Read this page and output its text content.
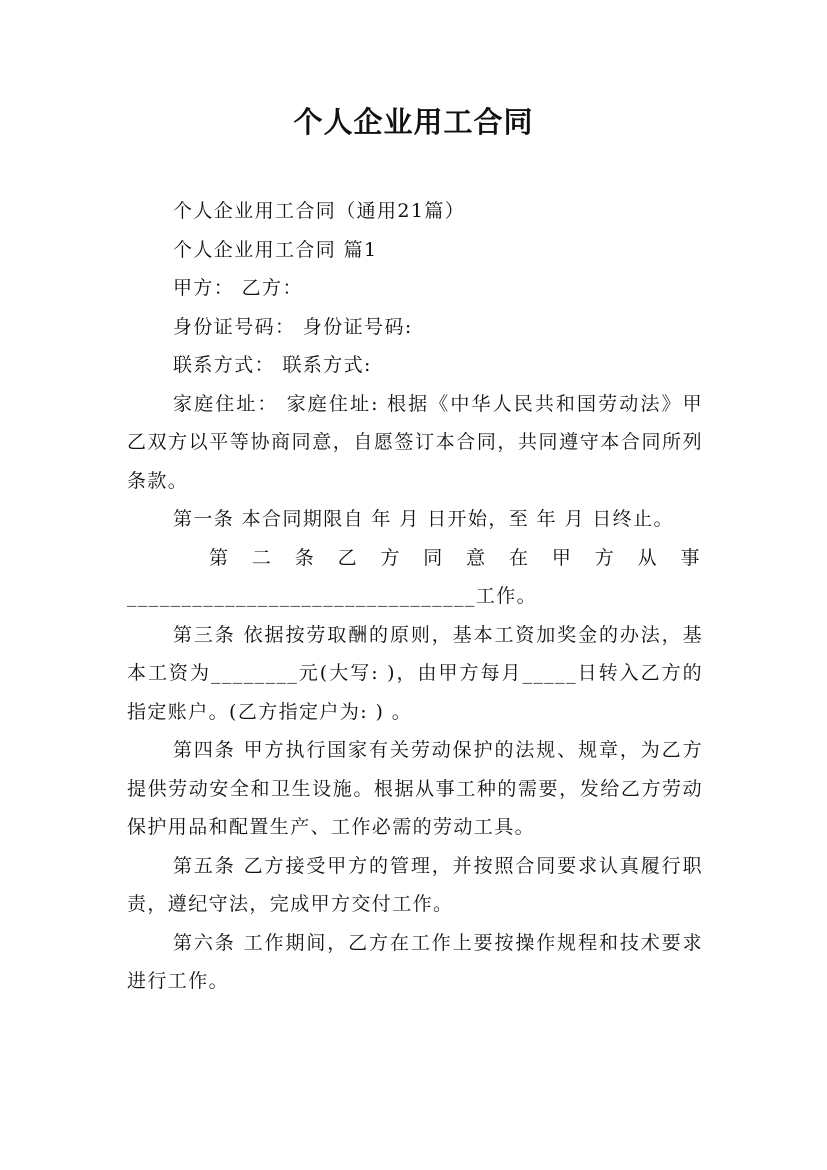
个人企业用工合同

个人企业用工合同（通用21篇）

个人企业用工合同 篇1

甲方： 乙方：

身份证号码： 身份证号码:

联系方式： 联系方式:

家庭住址： 家庭住址: 根据《中华人民共和国劳动法》甲乙双方以平等协商同意，自愿签订本合同，共同遵守本合同所列条款。

第一条 本合同期限自 年 月 日开始，至 年 月 日终止。

第 二 条 乙 方 同 意 在 甲 方 从 事
________________________________工作。

第三条 依据按劳取酬的原则，基本工资加奖金的办法，基本工资为________元(大写: )，由甲方每月_____日转入乙方的指定账户。(乙方指定户为: ) 。

第四条 甲方执行国家有关劳动保护的法规、规章，为乙方提供劳动安全和卫生设施。根据从事工种的需要，发给乙方劳动保护用品和配置生产、工作必需的劳动工具。

第五条 乙方接受甲方的管理，并按照合同要求认真履行职责，遵纪守法，完成甲方交付工作。

第六条 工作期间，乙方在工作上要按操作规程和技术要求进行工作。
